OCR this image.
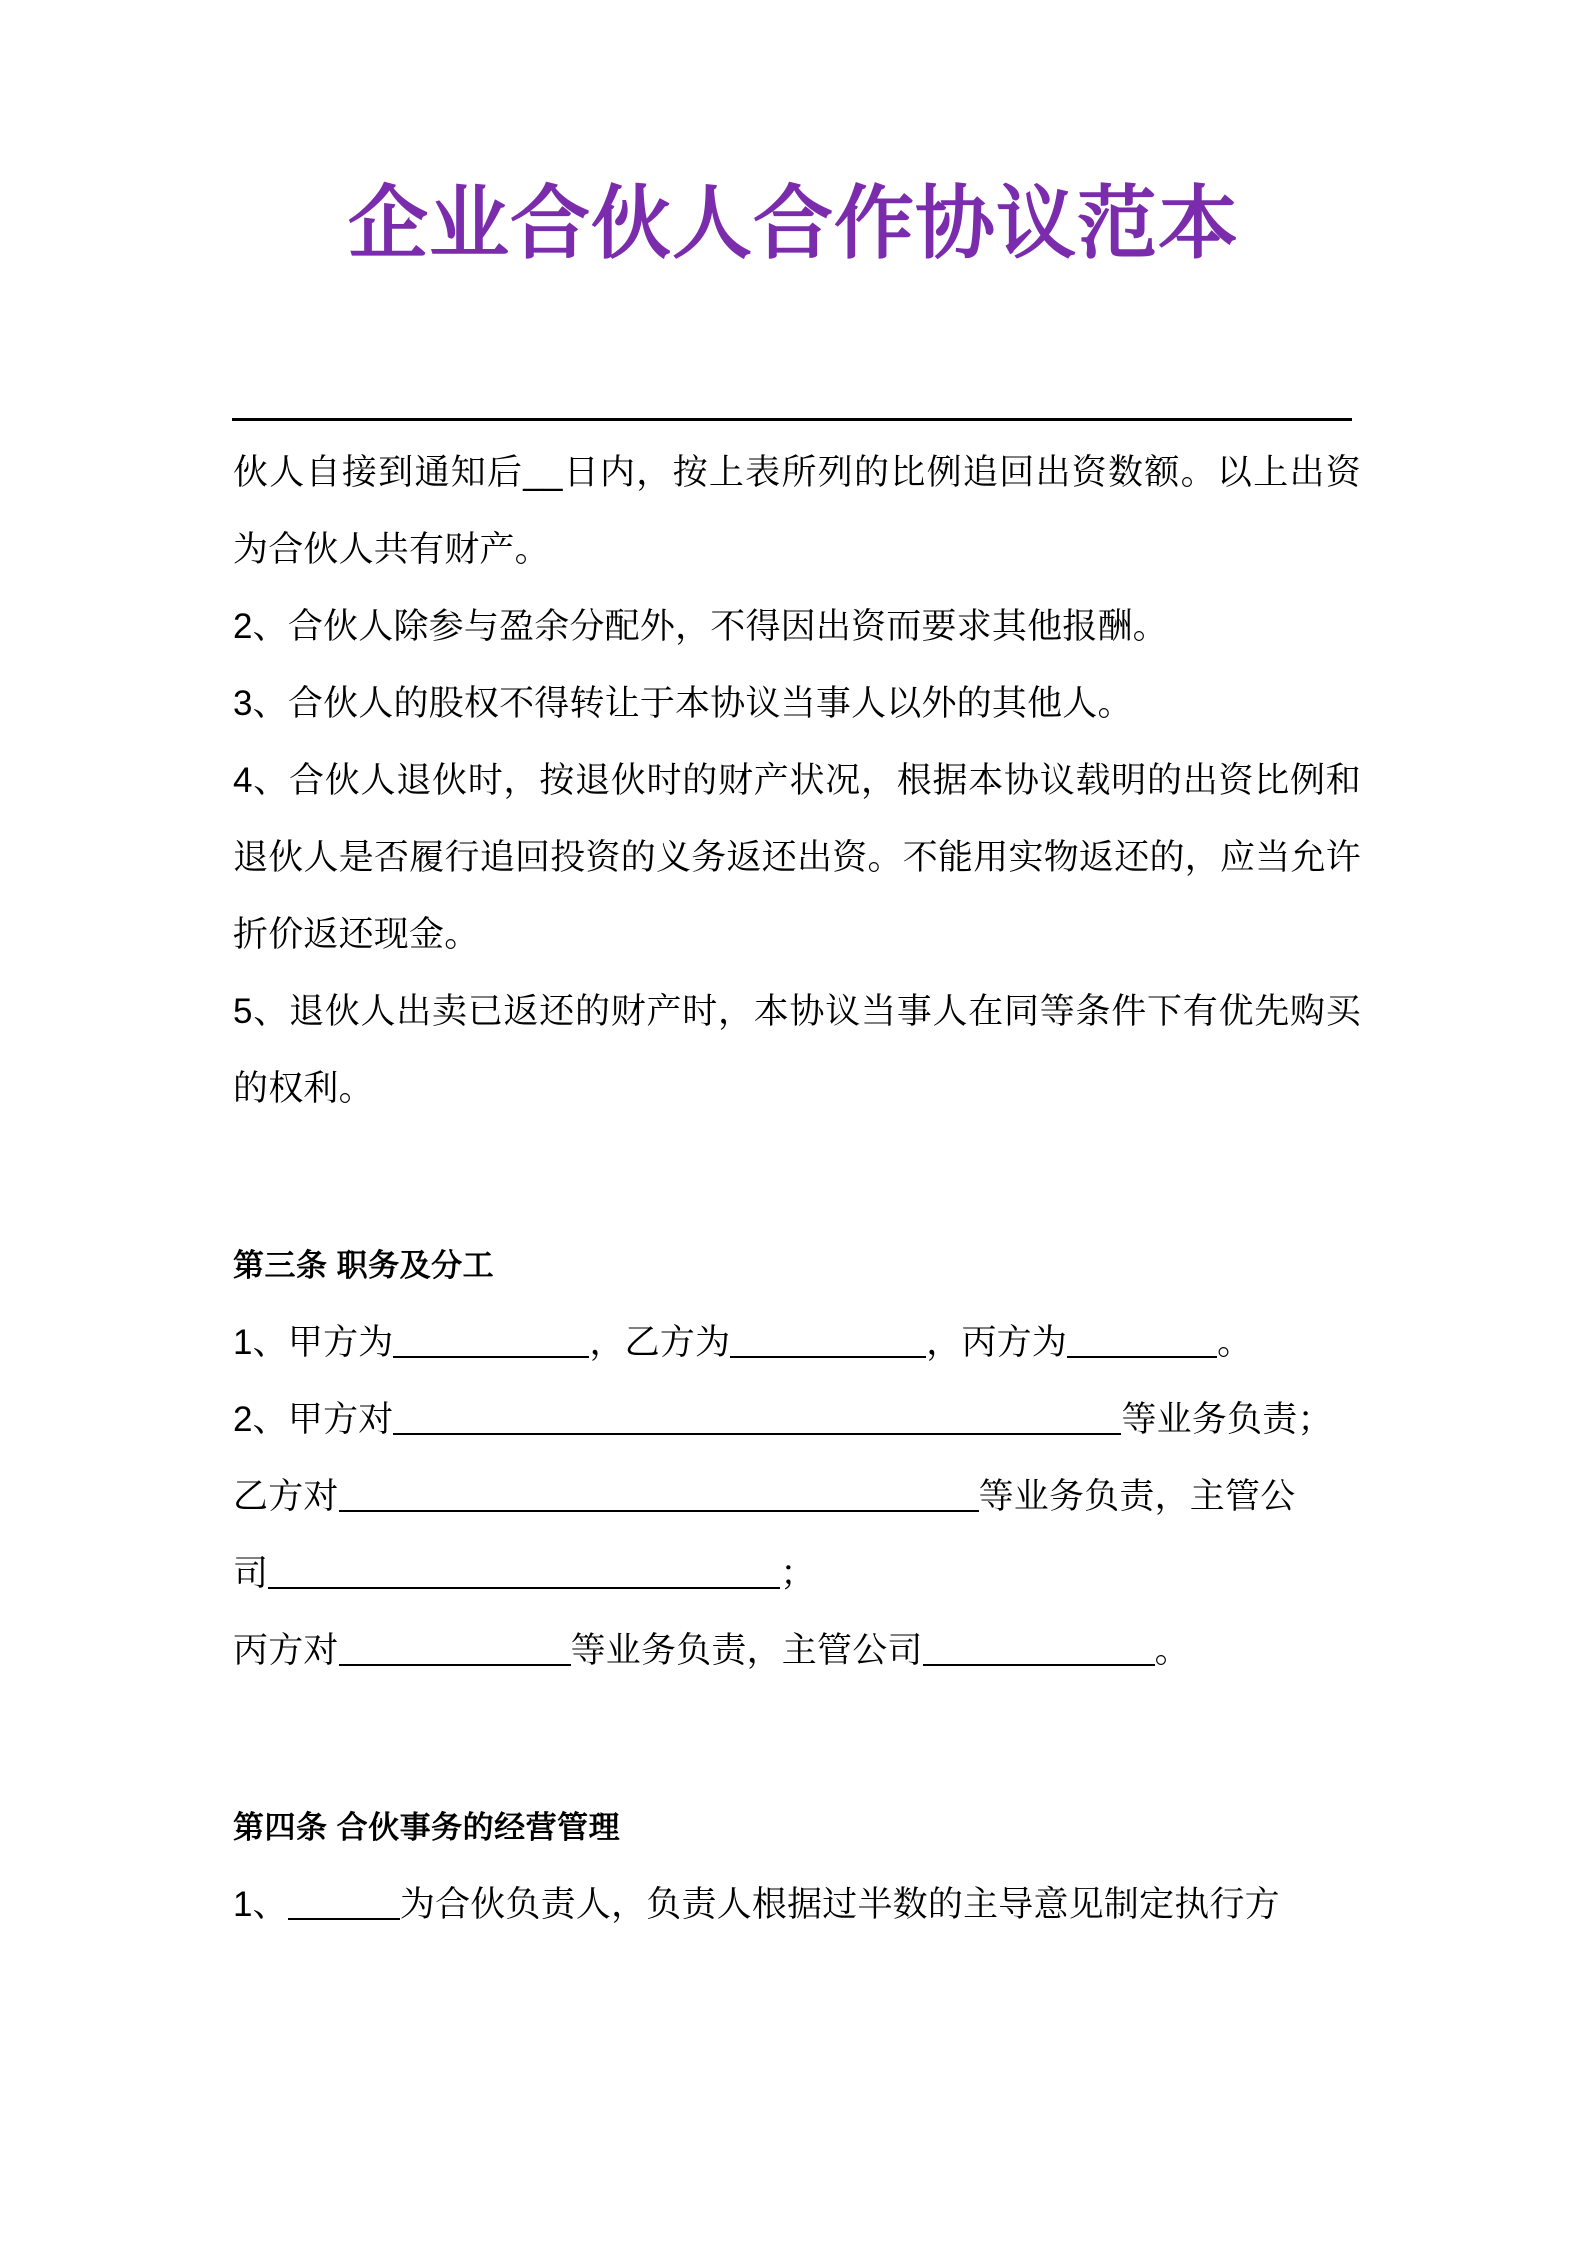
企业合伙人合作协议范本

伙人自接到通知后__日内，按上表所列的比例追回出资数额。以上出资为合伙人共有财产。

2、合伙人除参与盈余分配外，不得因出资而要求其他报酬。

3、合伙人的股权不得转让于本协议当事人以外的其他人。

4、合伙人退伙时，按退伙时的财产状况，根据本协议载明的出资比例和退伙人是否履行追回投资的义务返还出资。不能用实物返还的，应当允许折价返还现金。

5、退伙人出卖已返还的财产时，本协议当事人在同等条件下有优先购买的权利。

第三条 职务及分工

1、甲方为	，乙方为	，丙方为	。

2、甲方对	等业务负责；

乙方对	等业务负责，主管公

司	；

丙方对	等业务负责，主管公司	。

第四条 合伙事务的经营管理

1、	为合伙负责人，负责人根据过半数的主导意见制定执行方
